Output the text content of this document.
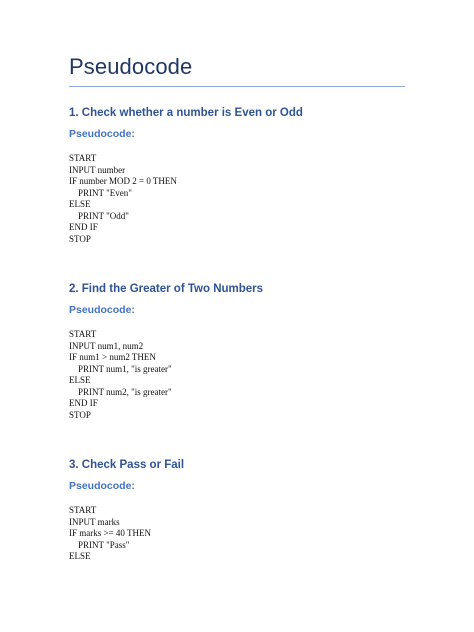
Pseudocode
1. Check whether a number is Even or Odd
Pseudocode:
START
INPUT number
IF number MOD 2 = 0 THEN
PRINT "Even"
ELSE
PRINT "Odd"
END IF
STOP
2. Find the Greater of Two Numbers
Pseudocode:
START
INPUT num1, num2
IF num1 > num2 THEN
PRINT num1, "is greater"
ELSE
PRINT num2, "is greater"
END IF
STOP
3. Check Pass or Fail
Pseudocode:
START
INPUT marks
IF marks >= 40 THEN
PRINT "Pass"
ELSE
